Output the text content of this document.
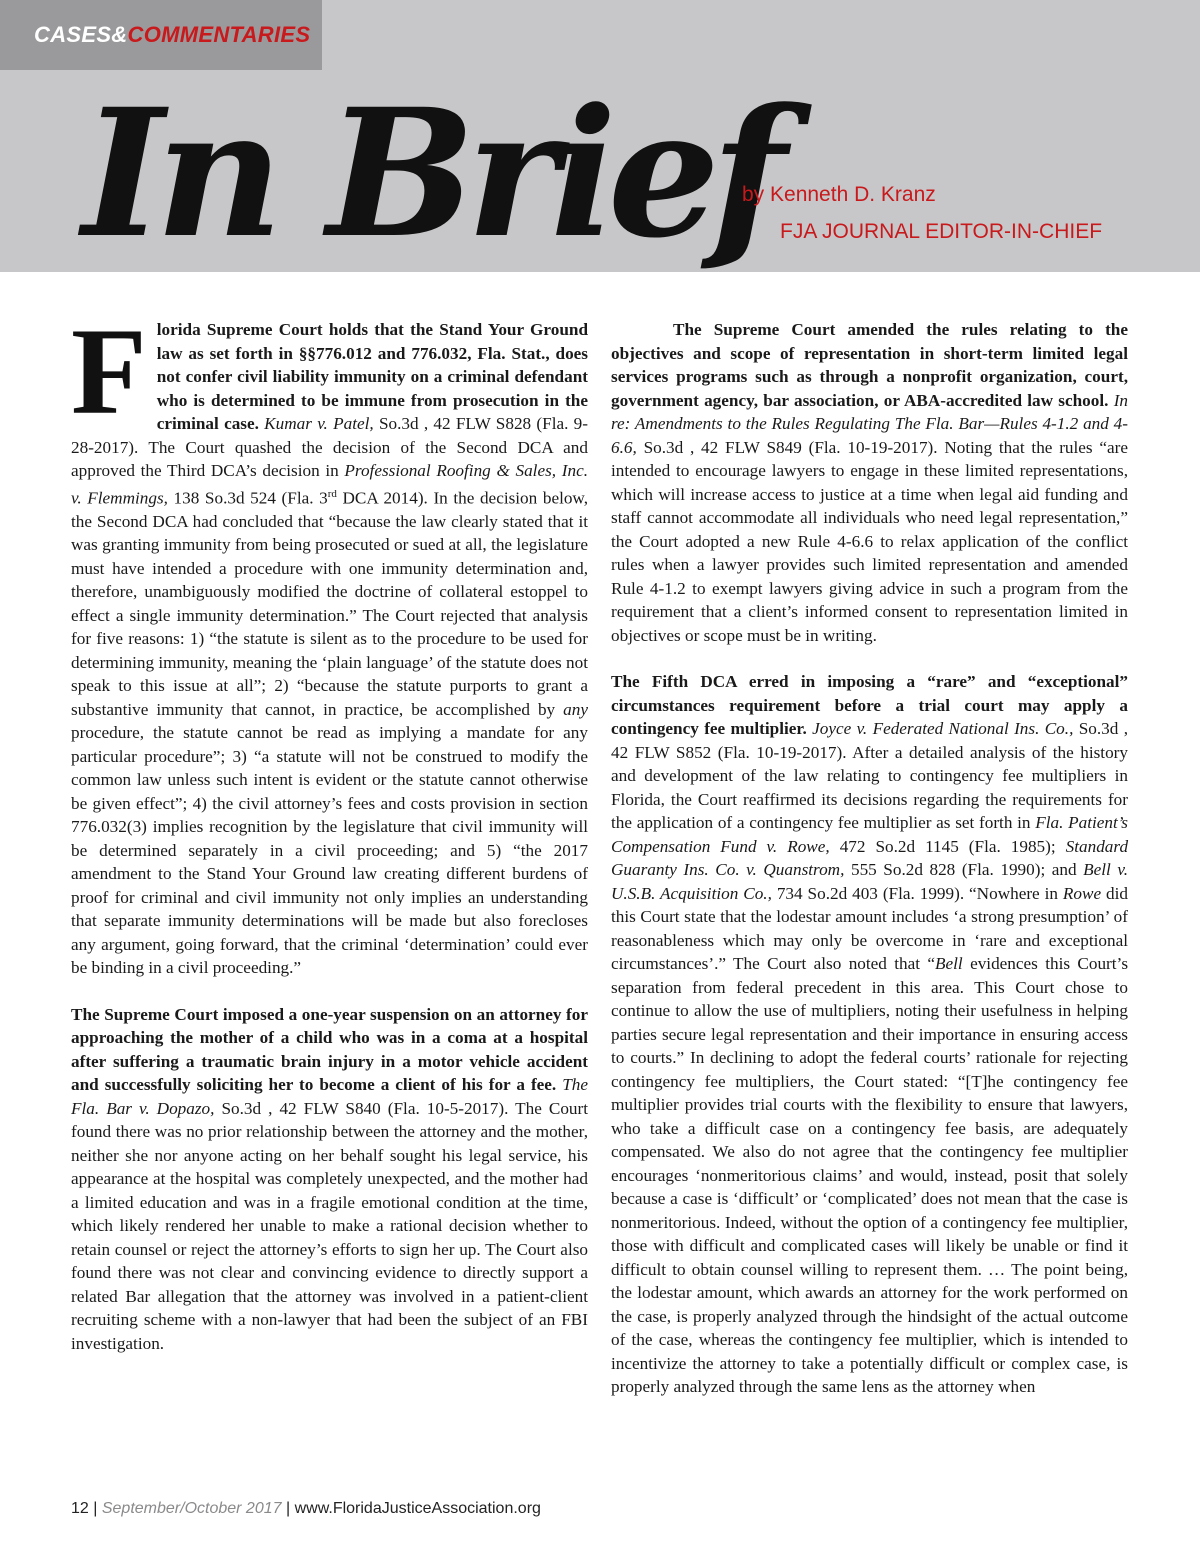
CASES&COMMENTARIES
In Brief
by Kenneth D. Kranz
FJA JOURNAL EDITOR-IN-CHIEF

Florida Supreme Court holds that the Stand Your Ground law as set forth in §§776.012 and 776.032, Fla. Stat., does not confer civil liability immunity on a criminal defendant who is determined to be immune from prosecution in the criminal case. Kumar v. Patel, So.3d , 42 FLW S828 (Fla. 9-28-2017). The Court quashed the decision of the Second DCA and approved the Third DCA’s decision in Professional Roofing & Sales, Inc. v. Flemmings, 138 So.3d 524 (Fla. 3rd DCA 2014). In the decision below, the Second DCA had concluded that “because the law clearly stated that it was granting immunity from being prosecuted or sued at all, the legislature must have intended a procedure with one immunity determination and, therefore, unambiguously modified the doctrine of collateral estoppel to effect a single immunity determination.” The Court rejected that analysis for five reasons: 1) “the statute is silent as to the procedure to be used for determining immunity, meaning the ‘plain language’ of the statute does not speak to this issue at all”; 2) “because the statute purports to grant a substantive immunity that cannot, in practice, be accomplished by any procedure, the statute cannot be read as implying a mandate for any particular procedure”; 3) “a statute will not be construed to modify the common law unless such intent is evident or the statute cannot otherwise be given effect”; 4) the civil attorney’s fees and costs provision in section 776.032(3) implies recognition by the legislature that civil immunity will be determined separately in a civil proceeding; and 5) “the 2017 amendment to the Stand Your Ground law creating different burdens of proof for criminal and civil immunity not only implies an understanding that separate immunity determinations will be made but also forecloses any argument, going forward, that the criminal ‘determination’ could ever be binding in a civil proceeding.”

The Supreme Court imposed a one-year suspension on an attorney for approaching the mother of a child who was in a coma at a hospital after suffering a traumatic brain injury in a motor vehicle accident and successfully soliciting her to become a client of his for a fee. The Fla. Bar v. Dopazo, So.3d , 42 FLW S840 (Fla. 10-5-2017). The Court found there was no prior relationship between the attorney and the mother, neither she nor anyone acting on her behalf sought his legal service, his appearance at the hospital was completely unexpected, and the mother had a limited education and was in a fragile emotional condition at the time, which likely rendered her unable to make a rational decision whether to retain counsel or reject the attorney’s efforts to sign her up. The Court also found there was not clear and convincing evidence to directly support a related Bar allegation that the attorney was involved in a patient-client recruiting scheme with a non-lawyer that had been the subject of an FBI investigation.

The Supreme Court amended the rules relating to the objectives and scope of representation in short-term limited legal services programs such as through a nonprofit organization, court, government agency, bar association, or ABA-accredited law school. In re: Amendments to the Rules Regulating The Fla. Bar—Rules 4-1.2 and 4-6.6, So.3d , 42 FLW S849 (Fla. 10-19-2017). Noting that the rules “are intended to encourage lawyers to engage in these limited representations, which will increase access to justice at a time when legal aid funding and staff cannot accommodate all individuals who need legal representation,” the Court adopted a new Rule 4-6.6 to relax application of the conflict rules when a lawyer provides such limited representation and amended Rule 4-1.2 to exempt lawyers giving advice in such a program from the requirement that a client’s informed consent to representation limited in objectives or scope must be in writing.

The Fifth DCA erred in imposing a “rare” and “exceptional” circumstances requirement before a trial court may apply a contingency fee multiplier. Joyce v. Federated National Ins. Co., So.3d , 42 FLW S852 (Fla. 10-19-2017). After a detailed analysis of the history and development of the law relating to contingency fee multipliers in Florida, the Court reaffirmed its decisions regarding the requirements for the application of a contingency fee multiplier as set forth in Fla. Patient’s Compensation Fund v. Rowe, 472 So.2d 1145 (Fla. 1985); Standard Guaranty Ins. Co. v. Quanstrom, 555 So.2d 828 (Fla. 1990); and Bell v. U.S.B. Acquisition Co., 734 So.2d 403 (Fla. 1999). “Nowhere in Rowe did this Court state that the lodestar amount includes ‘a strong presumption’ of reasonableness which may only be overcome in ‘rare and exceptional circumstances’.” The Court also noted that “Bell evidences this Court’s separation from federal precedent in this area. This Court chose to continue to allow the use of multipliers, noting their usefulness in helping parties secure legal representation and their importance in ensuring access to courts.” In declining to adopt the federal courts’ rationale for rejecting contingency fee multipliers, the Court stated: “[T]he contingency fee multiplier provides trial courts with the flexibility to ensure that lawyers, who take a difficult case on a contingency fee basis, are adequately compensated. We also do not agree that the contingency fee multiplier encourages ‘nonmeritorious claims’ and would, instead, posit that solely because a case is ‘difficult’ or ‘complicated’ does not mean that the case is nonmeritorious. Indeed, without the option of a contingency fee multiplier, those with difficult and complicated cases will likely be unable or find it difficult to obtain counsel willing to represent them. … The point being, the lodestar amount, which awards an attorney for the work performed on the case, is properly analyzed through the hindsight of the actual outcome of the case, whereas the contingency fee multiplier, which is intended to incentivize the attorney to take a potentially difficult or complex case, is properly analyzed through the same lens as the attorney when

12 | September/October 2017 | www.FloridaJusticeAssociation.org
